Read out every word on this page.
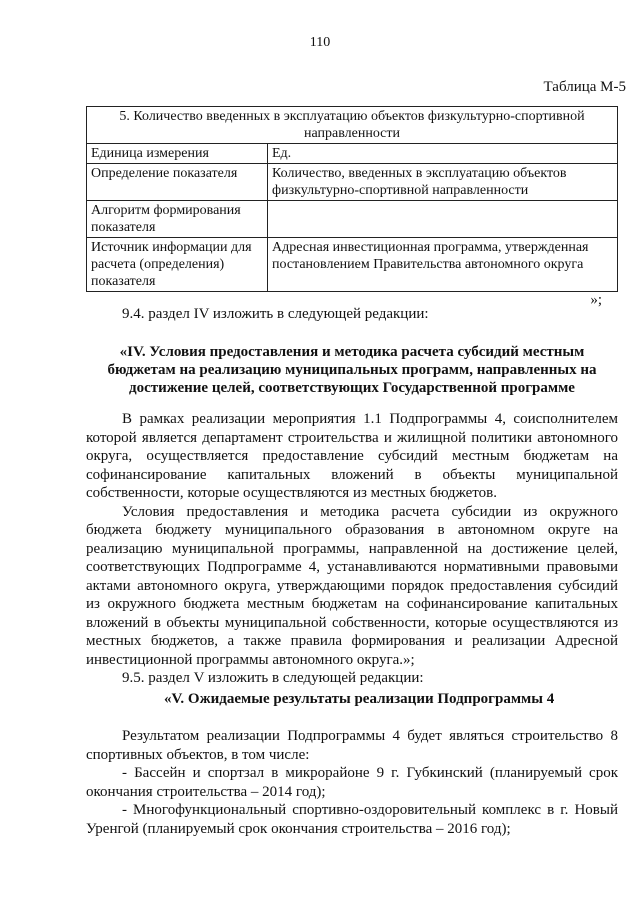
110
Таблица М-5
5. Количество введенных в эксплуатацию объектов физкультурно-спортивной направленности	
Единица измерения	Ед.
Определение показателя	Количество, введенных в эксплуатацию объектов физкультурно-спортивной направленности
Алгоритм формирования показателя	
Источник информации для расчета (определения) показателя	Адресная инвестиционная программа, утвержденная постановлением Правительства автономного округа
»;

9.4. раздел IV изложить в следующей редакции:

«IV. Условия предоставления и методика расчета субсидий местным бюджетам на реализацию муниципальных программ, направленных на достижение целей, соответствующих Государственной программе

В рамках реализации мероприятия 1.1 Подпрограммы 4, соисполнителем которой является департамент строительства и жилищной политики автономного округа, осуществляется предоставление субсидий местным бюджетам на софинансирование капитальных вложений в объекты муниципальной собственности, которые осуществляются из местных бюджетов.

Условия предоставления и методика расчета субсидии из окружного бюджета бюджету муниципального образования в автономном округе на реализацию муниципальной программы, направленной на достижение целей, соответствующих Подпрограмме 4, устанавливаются нормативными правовыми актами автономного округа, утверждающими порядок предоставления субсидий из окружного бюджета местным бюджетам на софинансирование капитальных вложений в объекты муниципальной собственности, которые осуществляются из местных бюджетов, а также правила формирования и реализации Адресной инвестиционной программы автономного округа.»;

9.5. раздел V изложить в следующей редакции:

«V. Ожидаемые результаты реализации Подпрограммы 4

Результатом реализации Подпрограммы 4 будет являться строительство 8 спортивных объектов, в том числе:

- Бассейн и спортзал в микрорайоне 9 г. Губкинский (планируемый срок окончания строительства – 2014 год);

- Многофункциональный спортивно-оздоровительный комплекс в г. Новый Уренгой (планируемый срок окончания строительства – 2016 год);
